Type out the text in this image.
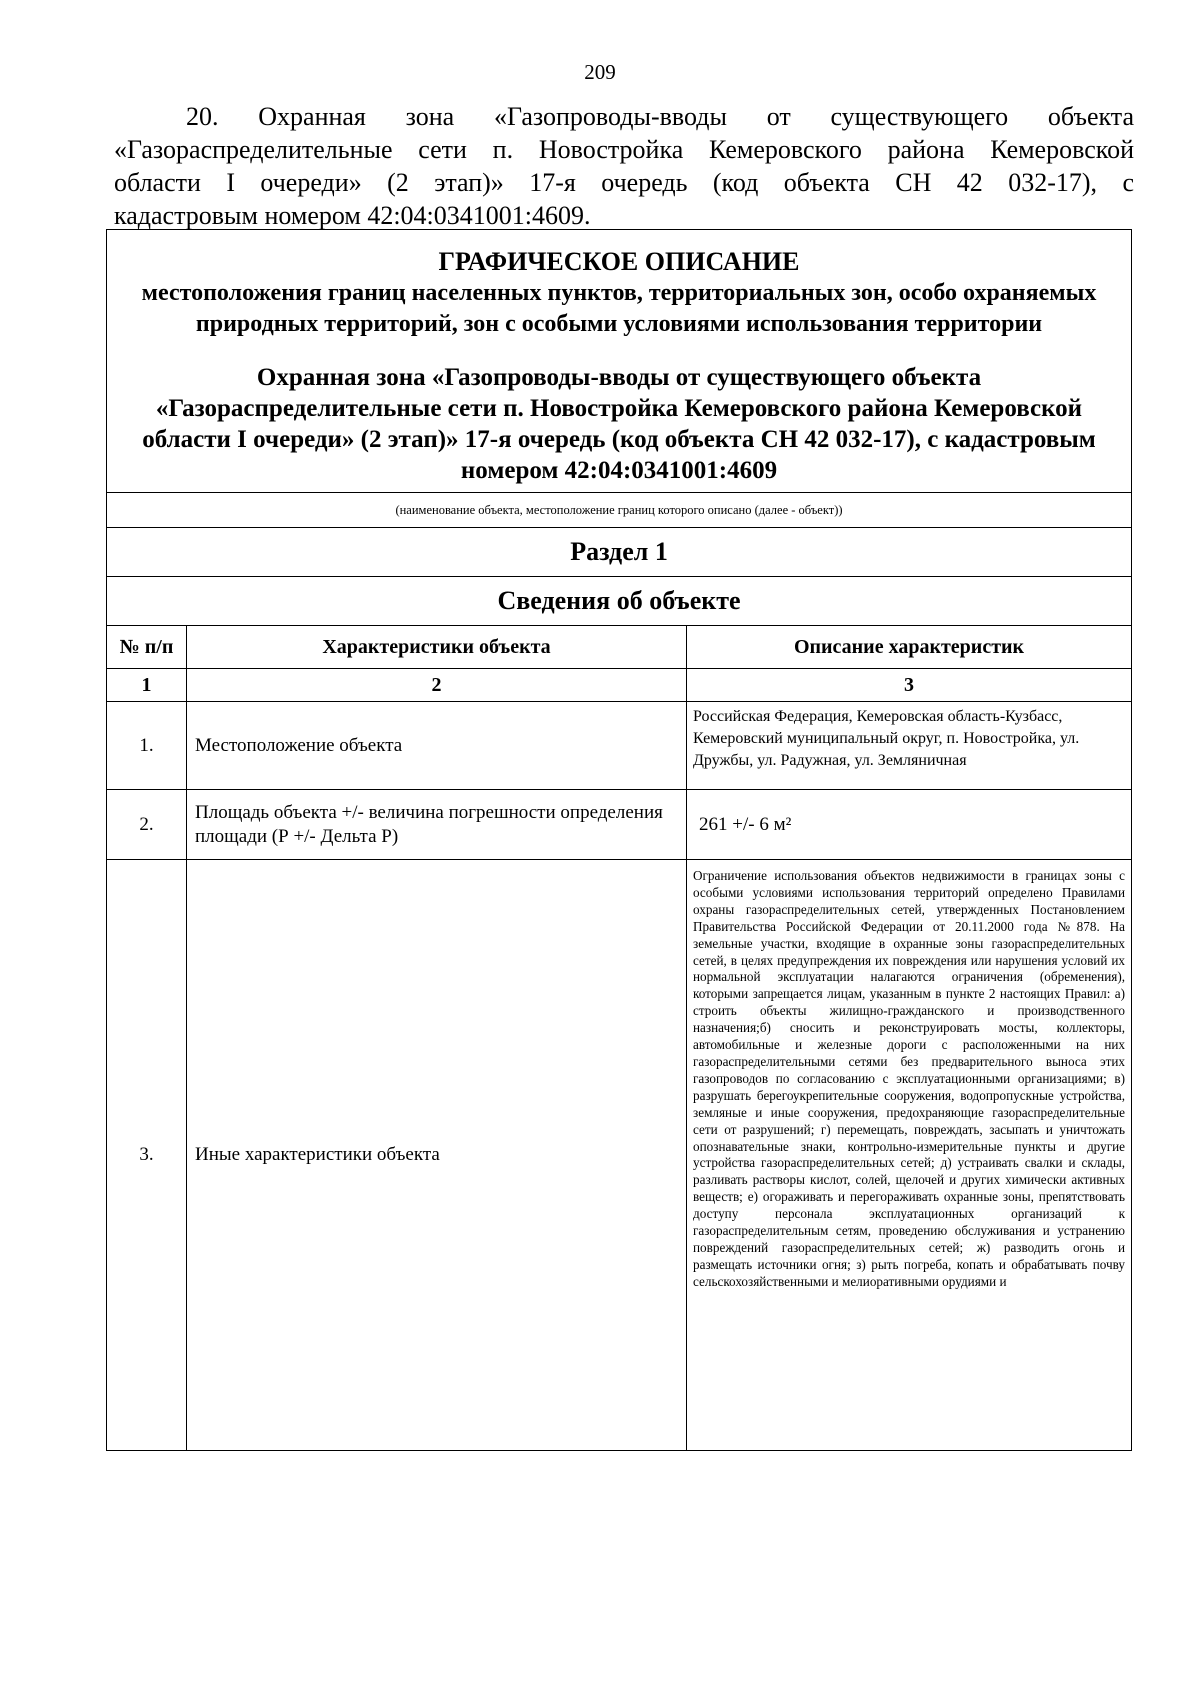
209
20. Охранная зона «Газопроводы-вводы от существующего объекта
«Газораспределительные сети п. Новостройка Кемеровского района Кемеровской
области I очереди» (2 этап)» 17-я очередь (код объекта СН 42 032-17), с
кадастровым номером 42:04:0341001:4609.
ГРАФИЧЕСКОЕ ОПИСАНИЕ
местоположения границ населенных пунктов, территориальных зон, особо охраняемых природных территорий, зон с особыми условиями использования территории
Охранная зона «Газопроводы-вводы от существующего объекта «Газораспределительные сети п. Новостройка Кемеровского района Кемеровской области I очереди» (2 этап)» 17-я очередь (код объекта СН 42 032-17), с кадастровым номером 42:04:0341001:4609		

(наименование объекта, местоположение границ которого описано (далее - объект))		
Раздел 1		
Сведения об объекте		
№ п/п	Характеристики объекта	Описание характеристик
1	2	3
1.	Местоположение объекта	Российская Федерация, Кемеровская область-Кузбасс, Кемеровский муниципальный округ, п. Новостройка, ул. Дружбы, ул. Радужная, ул. Земляничная
2.	Площадь объекта +/- величина погрешности определения площади (Р +/- Дельта Р)	261 +/- 6 м²
3.	Иные характеристики объекта	Ограничение использования объектов недвижимости в границах зоны с особыми условиями использования территорий определено Правилами охраны газораспределительных сетей, утвержденных Постановлением Правительства Российской Федерации от 20.11.2000 года №878. На земельные участки, входящие в охранные зоны газораспределительных сетей, в целях предупреждения их повреждения или нарушения условий их нормальной эксплуатации налагаются ограничения (обременения), которыми запрещается лицам, указанным в пункте 2 настоящих Правил: а) строить объекты жилищно-гражданского и производственного назначения;б) сносить и реконструировать мосты, коллекторы, автомобильные и железные дороги с расположенными на них газораспределительными сетями без предварительного выноса этих газопроводов по согласованию с эксплуатационными организациями; в) разрушать берегоукрепительные сооружения, водопропускные устройства, земляные и иные сооружения, предохраняющие газораспределительные сети от разрушений; г) перемещать, повреждать, засыпать и уничтожать опознавательные знаки, контрольно-измерительные пункты и другие устройства газораспределительных сетей; д) устраивать свалки и склады, разливать растворы кислот, солей, щелочей и других химически активных веществ; е) огораживать и перегораживать охранные зоны, препятствовать доступу персонала эксплуатационных организаций к газораспределительным сетям, проведению обслуживания и устранению повреждений газораспределительных сетей; ж) разводить огонь и размещать источники огня; з) рыть погреба, копать и обрабатывать почву сельскохозяйственными и мелиоративными орудиями и
